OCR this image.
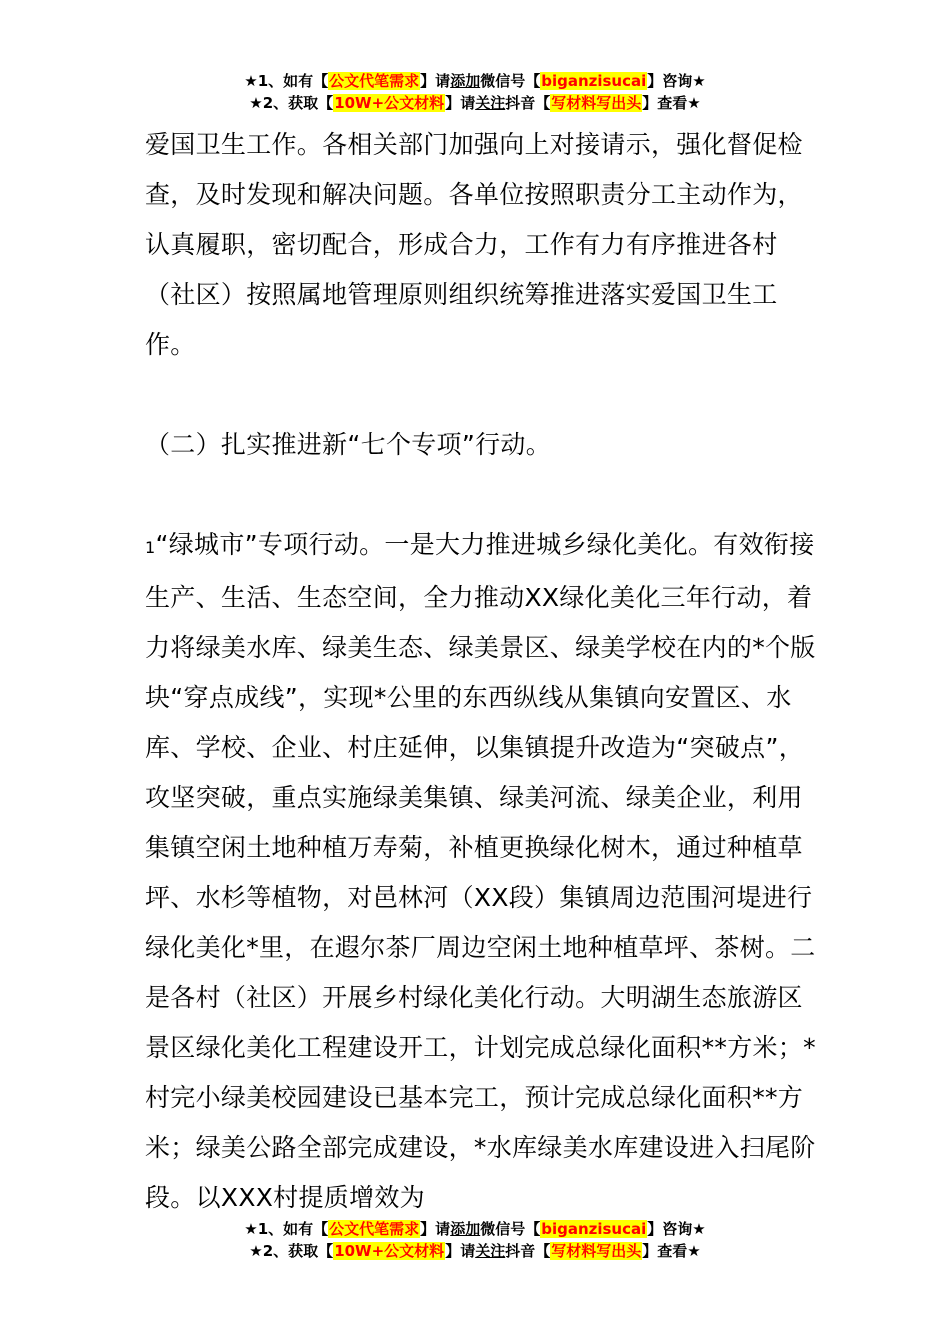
★1、如有【公文代笔需求】请添加微信号【biganzisucai】咨询★
★2、获取【10W+公文材料】请关注抖音【写材料写出头】查看★

爱国卫生工作。各相关部门加强向上对接请示，强化督促检查，及时发现和解决问题。各单位按照职责分工主动作为，认真履职，密切配合，形成合力，工作有力有序推进各村（社区）按照属地管理原则组织统筹推进落实爱国卫生工作。

（二）扎实推进新“七个专项”行动。

1“绿城市”专项行动。一是大力推进城乡绿化美化。有效衔接生产、生活、生态空间，全力推动XX绿化美化三年行动，着力将绿美水库、绿美生态、绿美景区、绿美学校在内的*个版块“穿点成线”，实现*公里的东西纵线从集镇向安置区、水库、学校、企业、村庄延伸，以集镇提升改造为“突破点”，攻坚突破，重点实施绿美集镇、绿美河流、绿美企业，利用集镇空闲土地种植万寿菊，补植更换绿化树木，通过种植草坪、水杉等植物，对邑林河（XX段）集镇周边范围河堤进行绿化美化*里，在遐尔茶厂周边空闲土地种植草坪、茶树。二是各村（社区）开展乡村绿化美化行动。大明湖生态旅游区景区绿化美化工程建设开工，计划完成总绿化面积**方米；*村完小绿美校园建设已基本完工，预计完成总绿化面积**方米；绿美公路全部完成建设，*水库绿美水库建设进入扫尾阶段。以XXX村提质增效为

★1、如有【公文代笔需求】请添加微信号【biganzisucai】咨询★
★2、获取【10W+公文材料】请关注抖音【写材料写出头】查看★
